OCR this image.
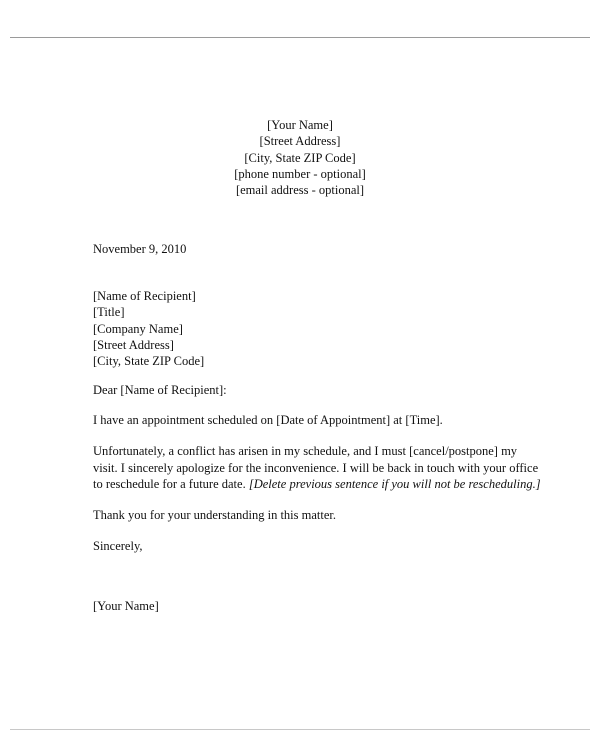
[Your Name]
[Street Address]
[City, State ZIP Code]
[phone number - optional]
[email address - optional]
November 9, 2010
[Name of Recipient]
[Title]
[Company Name]
[Street Address]
[City, State ZIP Code]
Dear [Name of Recipient]:
I have an appointment scheduled on [Date of Appointment] at [Time].
Unfortunately, a conflict has arisen in my schedule, and I must [cancel/postpone] my
visit. I sincerely apologize for the inconvenience. I will be back in touch with your office
to reschedule for a future date. [Delete previous sentence if you will not be rescheduling.]
Thank you for your understanding in this matter.
Sincerely,
[Your Name]
